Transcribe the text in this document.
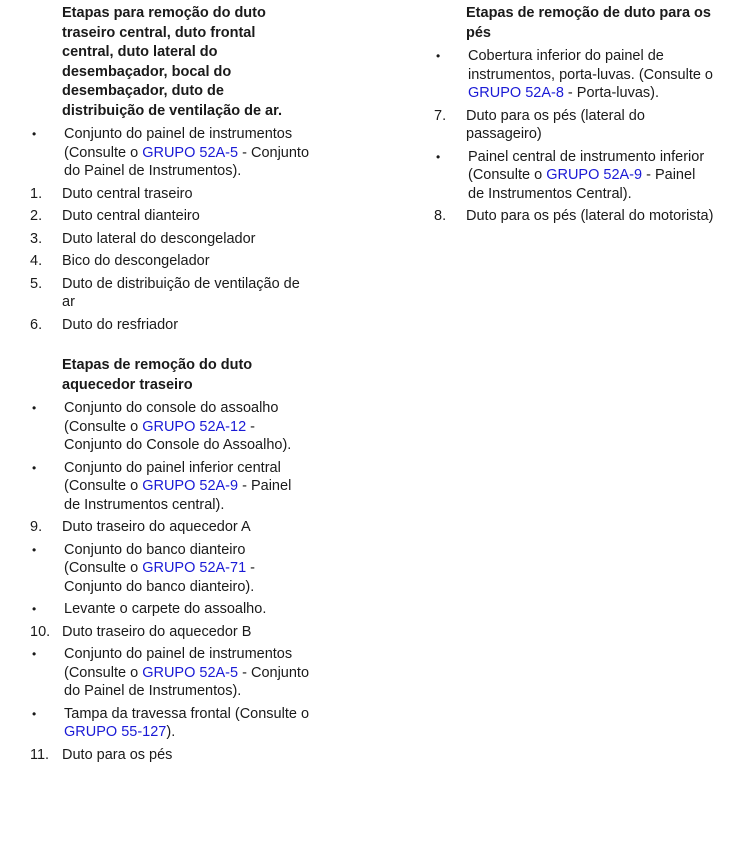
Etapas para remoção do duto traseiro central, duto frontal central, duto lateral do desembaçador, bocal do desembaçador, duto de distribuição de ventilação de ar.
•	Conjunto do painel de instrumentos (Consulte o GRUPO 52A-5 - Conjunto do Painel de Instrumentos).
1.	Duto central traseiro
2.	Duto central dianteiro
3.	Duto lateral do descongelador
4.	Bico do descongelador
5.	Duto de distribuição de ventilação de ar
6.	Duto do resfriador
Etapas de remoção do duto aquecedor traseiro
•	Conjunto do console do assoalho (Consulte o GRUPO 52A-12 - Conjunto do Console do Assoalho).
•	Conjunto do painel inferior central (Consulte o GRUPO 52A-9 - Painel de Instrumentos central).
9.	Duto traseiro do aquecedor A
•	Conjunto do banco dianteiro (Consulte o GRUPO 52A-71 - Conjunto do banco dianteiro).
•	Levante o carpete do assoalho.
10. Duto traseiro do aquecedor B
•	Conjunto do painel de instrumentos (Consulte o GRUPO 52A-5 - Conjunto do Painel de Instrumentos).
•	Tampa da travessa frontal (Consulte o GRUPO 55-127).
11. Duto para os pés
Etapas de remoção de duto para os pés
•	Cobertura inferior do painel de instrumentos, porta-luvas. (Consulte o GRUPO 52A-8 - Porta-luvas).
7.	Duto para os pés (lateral do passageiro)
•	Painel central de instrumento inferior (Consulte o GRUPO 52A-9 - Painel de Instrumentos Central).
8.	Duto para os pés (lateral do motorista)
